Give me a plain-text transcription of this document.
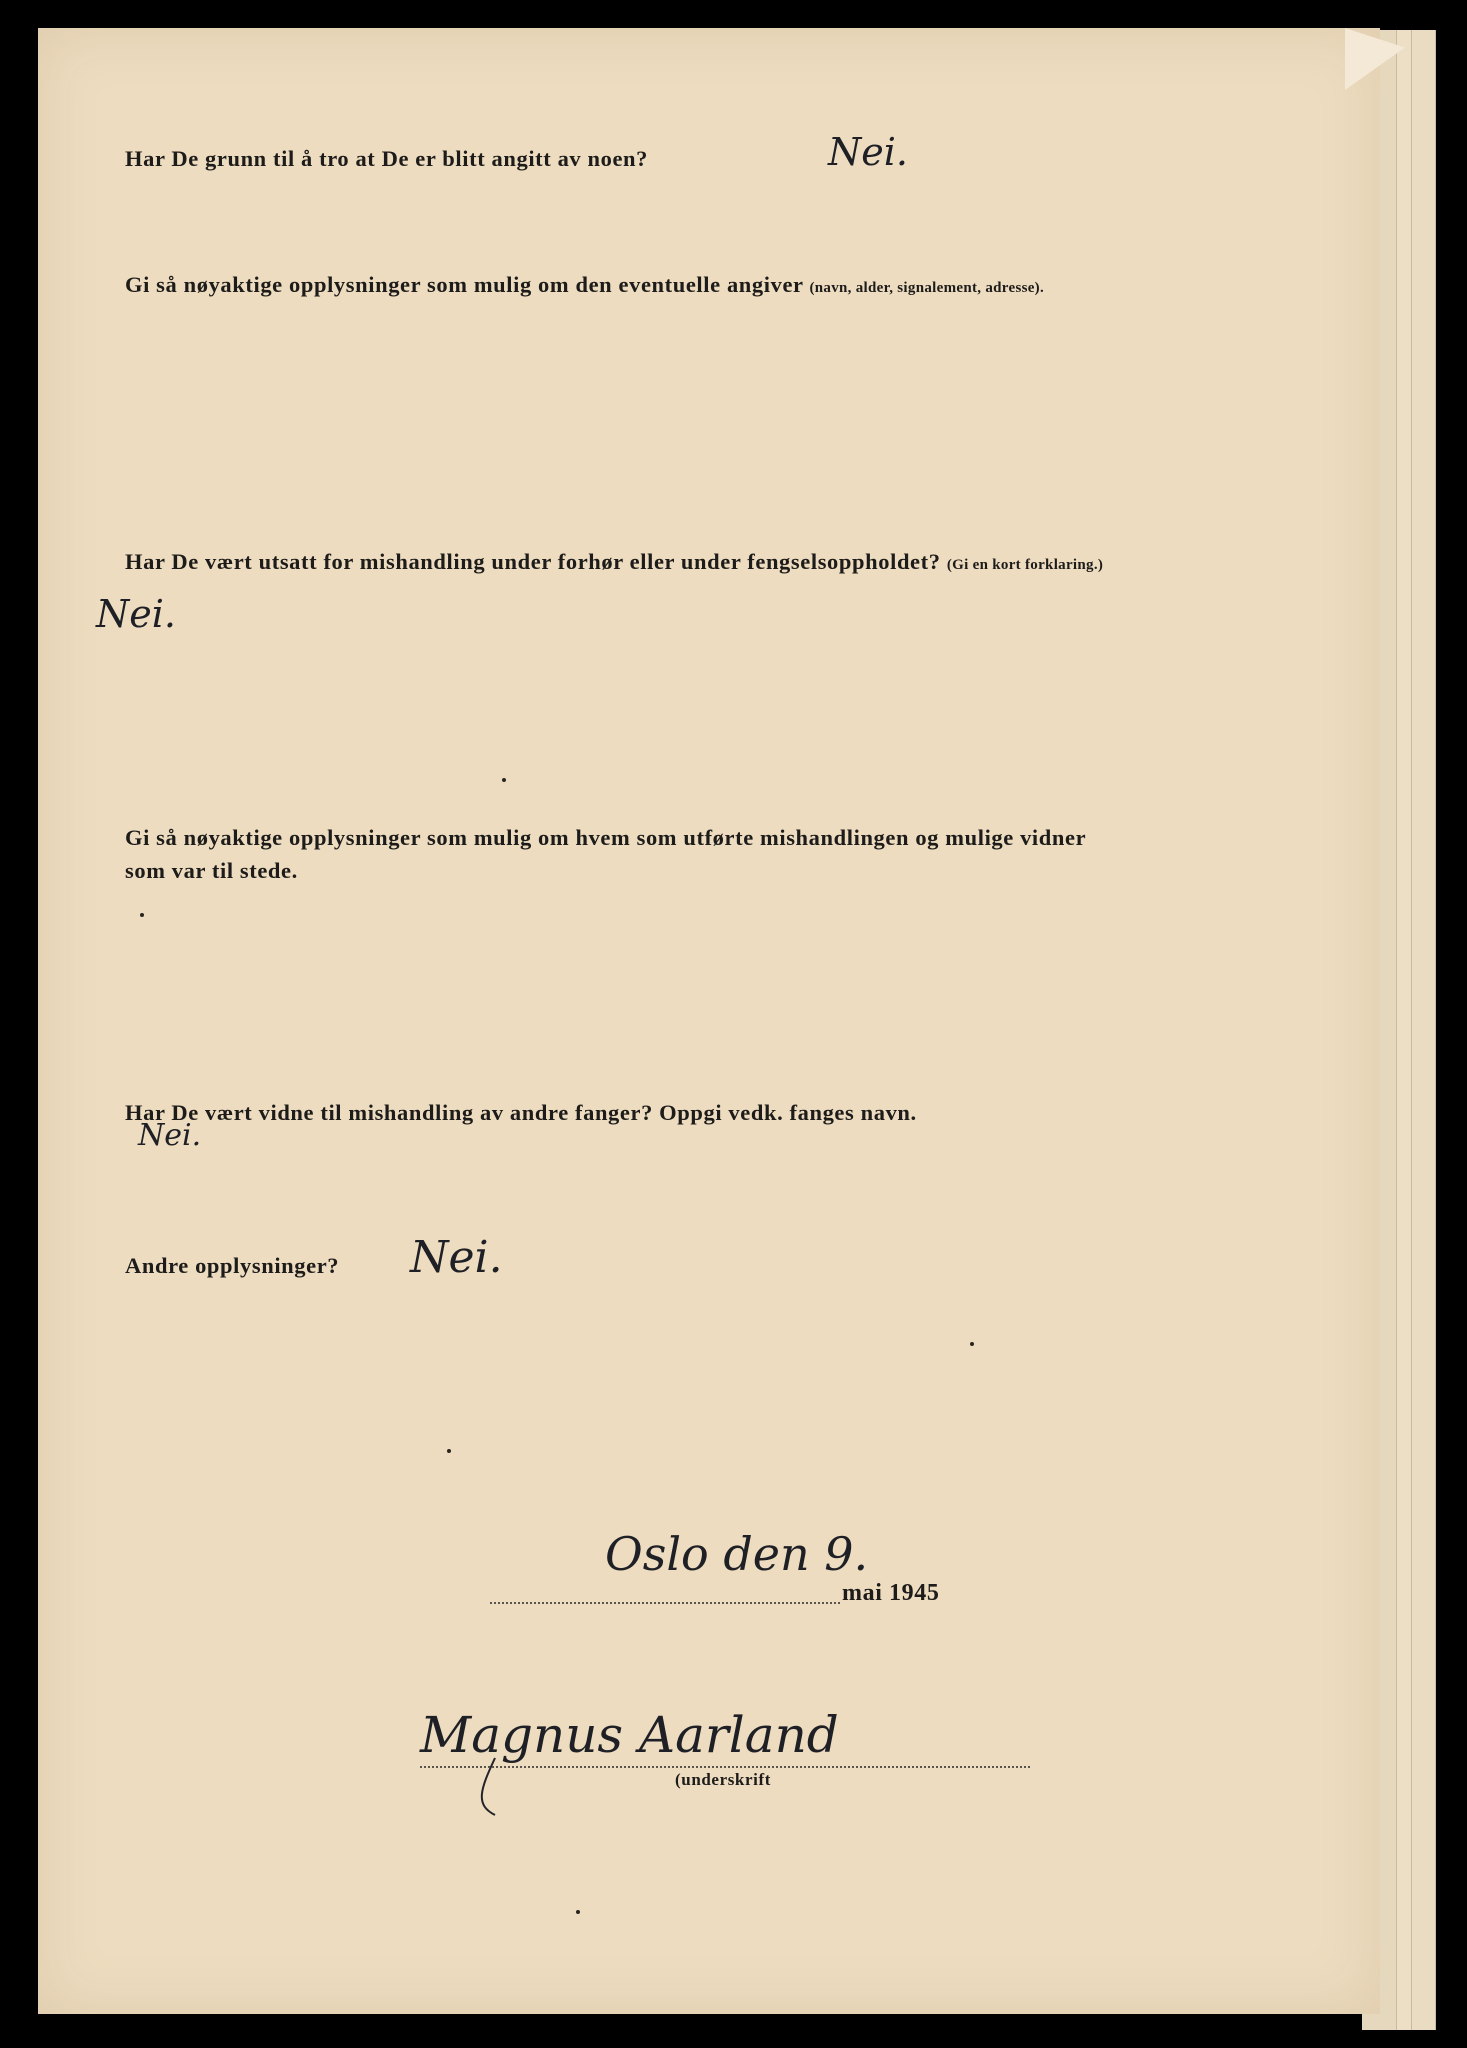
Har De grunn til å tro at De er blitt angitt av noen?	Nei.

Gi så nøyaktige opplysninger som mulig om den eventuelle angiver (navn, alder, signalement, adresse).

Har De vært utsatt for mishandling under forhør eller under fengselsoppholdet? (Gi en kort forklaring.)

Nei.

Gi så nøyaktige opplysninger som mulig om hvem som utførte mishandlingen og mulige vidner

som var til stede.

Har De vært vidne til mishandling av andre fanger? Oppgi vedk. fanges navn.

Nei.

Andre opplysninger? Nei.

Oslo den 9.

mai 1945

Magnus Aarland

(underskrift
